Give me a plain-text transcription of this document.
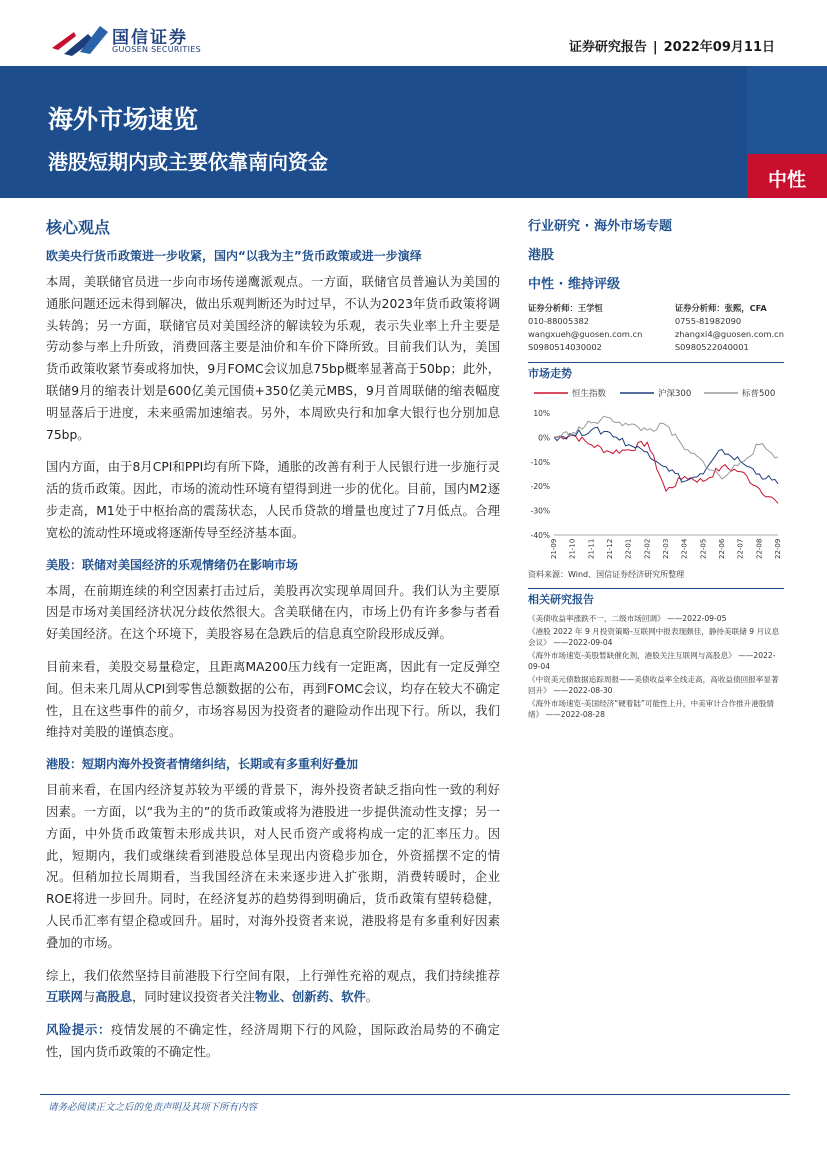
国信证券
GUOSEN SECURITIES	证券研究报告 | 2022年09月11日
海外市场速览
港股短期内或主要依靠南向资金
中性
核心观点
欧美央行货币政策进一步收紧，国内“以我为主”货币政策或进一步演绎

本周，美联储官员进一步向市场传递鹰派观点。一方面，联储官员普遍认为美国的通胀问题还远未得到解决，做出乐观判断还为时过早，不认为2023年货币政策将调头转鸽；另一方面，联储官员对美国经济的解读较为乐观，表示失业率上升主要是劳动参与率上升所致，消费回落主要是油价和车价下降所致。目前我们认为，美国货币政策收紧节奏或将加快，9月FOMC会议加息75bp概率显著高于50bp；此外，联储9月的缩表计划是600亿美元国债+350亿美元MBS，9月首周联储的缩表幅度明显落后于进度，未来亟需加速缩表。另外，本周欧央行和加拿大银行也分别加息75bp。

国内方面，由于8月CPI和PPI均有所下降，通胀的改善有利于人民银行进一步施行灵活的货币政策。因此，市场的流动性环境有望得到进一步的优化。目前，国内M2逐步走高，M1处于中枢抬高的震荡状态，人民币贷款的增量也度过了7月低点。合理宽松的流动性环境或将逐渐传导至经济基本面。

美股：联储对美国经济的乐观情绪仍在影响市场

本周，在前期连续的利空因素打击过后，美股再次实现单周回升。我们认为主要原因是市场对美国经济状况分歧依然很大。含美联储在内，市场上仍有许多参与者看好美国经济。在这个环境下，美股容易在急跌后的信息真空阶段形成反弹。

目前来看，美股交易量稳定，且距离MA200压力线有一定距离，因此有一定反弹空间。但未来几周从CPI到零售总额数据的公布，再到FOMC会议，均存在较大不确定性，且在这些事件的前夕，市场容易因为投资者的避险动作出现下行。所以，我们维持对美股的谨慎态度。

港股：短期内海外投资者情绪纠结，长期或有多重利好叠加

目前来看，在国内经济复苏较为平缓的背景下，海外投资者缺乏指向性一致的利好因素。一方面，以“我为主的”的货币政策或将为港股进一步提供流动性支撑；另一方面，中外货币政策暂未形成共识，对人民币资产或将构成一定的汇率压力。因此，短期内，我们或继续看到港股总体呈现出内资稳步加仓，外资摇摆不定的情况。但稍加拉长周期看，当我国经济在未来逐步进入扩张期，消费转暖时，企业ROE将进一步回升。同时，在经济复苏的趋势得到明确后，货币政策有望转稳健，人民币汇率有望企稳或回升。届时，对海外投资者来说，港股将是有多重利好因素叠加的市场。

综上，我们依然坚持目前港股下行空间有限，上行弹性充裕的观点，我们持续推荐互联网与高股息，同时建议投资者关注物业、创新药、软件。

风险提示：疫情发展的不确定性，经济周期下行的风险，国际政治局势的不确定性，国内货币政策的不确定性。

行业研究 · 海外市场专题
港股
中性 · 维持评级
证券分析师：王学恒
010-88005382
wangxueh@guosen.com.cn
S0980514030002
证券分析师：张熙，CFA
0755-81982090
zhangxi4@guosen.com.cn
S0980522040001
市场走势
恒生指数	沪深300	标普500
10%
0%
-10%
-20%
-30%
-40%
21-09 21-10 21-11 21-12 22-01 22-02 22-03 22-04 22-05 22-06 22-07 22-08 22-09
资料来源：Wind、国信证券经济研究所整理
相关研究报告

《美债收益率涨跌不一，二级市场回调》 ——2022-09-05

《港股 2022 年 9 月投资策略-互联网中报表现颇佳，静待美联储 9 月议息会议》 ——2022-09-04

《海外市场速览-美股暂缺催化剂，港股关注互联网与高股息》 ——2022-09-04

《中资美元债数据追踪周报——美债收益率全线走高，高收益债回报率显著回升》 ——2022-08-30

《海外市场速览-美国经济“硬着陆”可能性上升，中美审计合作推升港股情绪》 ——2022-08-28

请务必阅读正文之后的免责声明及其项下所有内容
